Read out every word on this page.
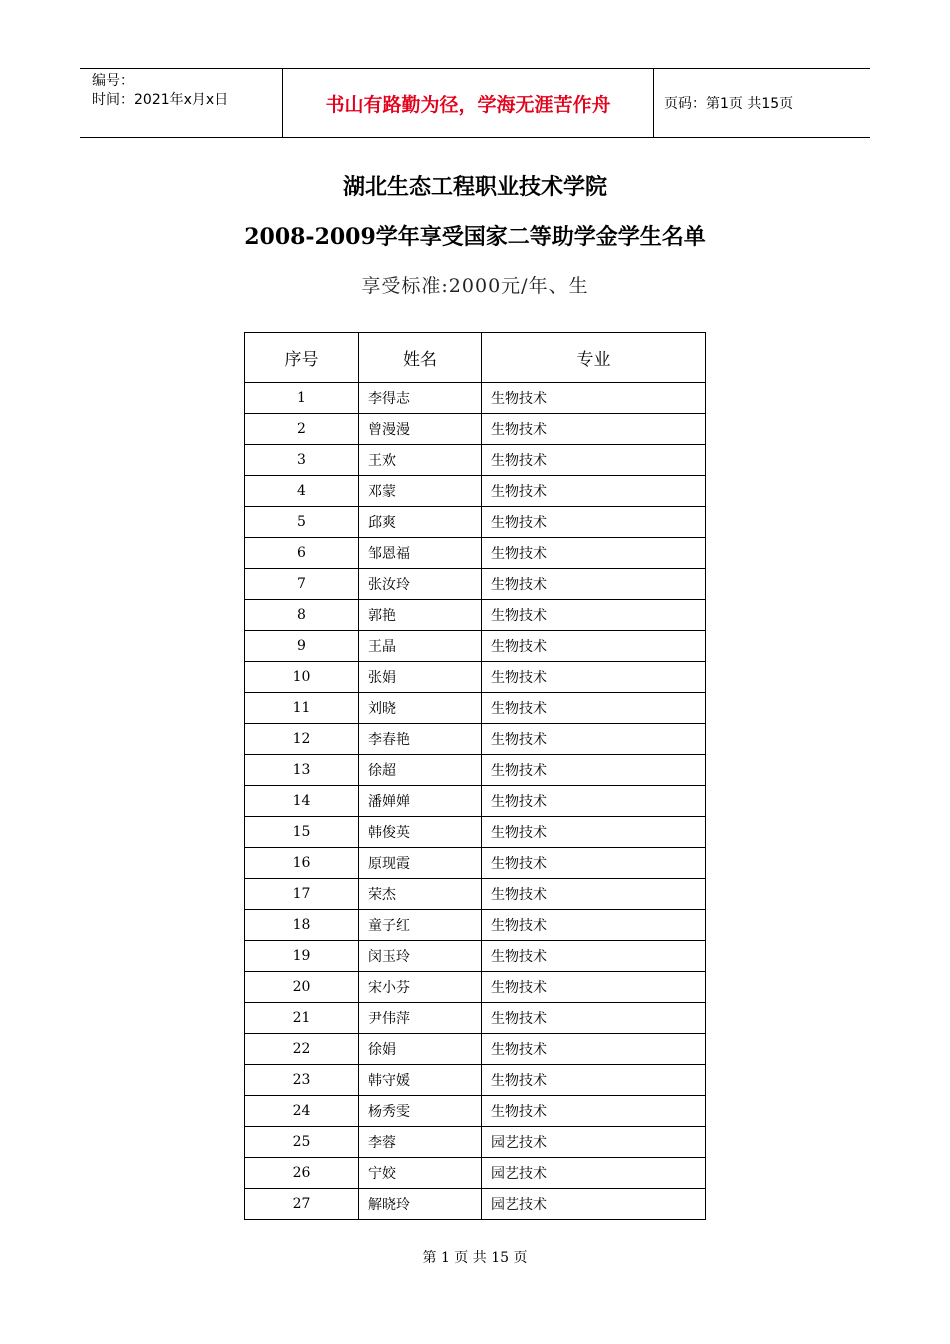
编号：
时间：2021年x月x日	书山有路勤为径，学海无涯苦作舟	页码：第1页 共15页
湖北生态工程职业技术学院
2008-2009学年享受国家二等助学金学生名单
享受标准:2000元/年、生
序号	姓名	专业
1	李得志	生物技术
2	曾漫漫	生物技术
3	王欢	生物技术
4	邓蒙	生物技术
5	邱爽	生物技术
6	邹恩福	生物技术
7	张汝玲	生物技术
8	郭艳	生物技术
9	王晶	生物技术
10	张娟	生物技术
11	刘晓	生物技术
12	李春艳	生物技术
13	徐超	生物技术
14	潘婵婵	生物技术
15	韩俊英	生物技术
16	原现霞	生物技术
17	荣杰	生物技术
18	童子红	生物技术
19	闵玉玲	生物技术
20	宋小芬	生物技术
21	尹伟萍	生物技术
22	徐娟	生物技术
23	韩守媛	生物技术
24	杨秀雯	生物技术
25	李蓉	园艺技术
26	宁姣	园艺技术
27	解晓玲	园艺技术
第 1 页 共 15 页
